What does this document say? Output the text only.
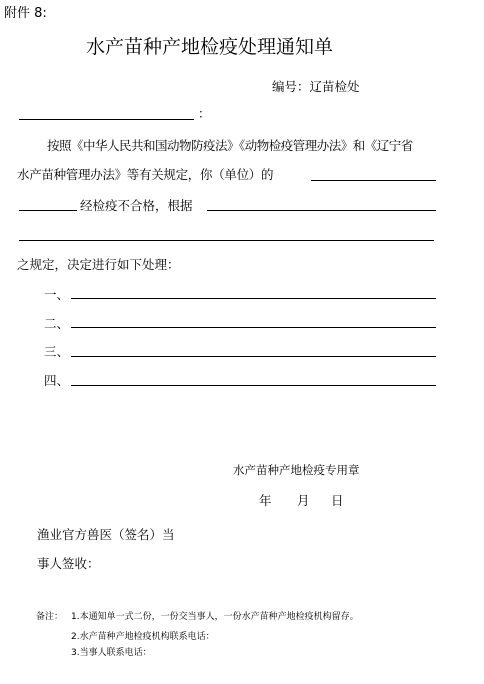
附件 8:
水产苗种产地检疫处理通知单
编号：辽苗检处
：
按照《中华人民共和国动物防疫法》《动物检疫管理办法》和《辽宁省
水产苗种管理办法》等有关规定，你（单位）的
经检疫不合格，根据
之规定，决定进行如下处理：
一、
二、
三、
四、
水产苗种产地检疫专用章
年 月 日
渔业官方兽医（签名）当
事人签收：
备注： 1.本通知单一式二份，一份交当事人，一份水产苗种产地检疫机构留存。
2.水产苗种产地检疫机构联系电话：
3.当事人联系电话：
